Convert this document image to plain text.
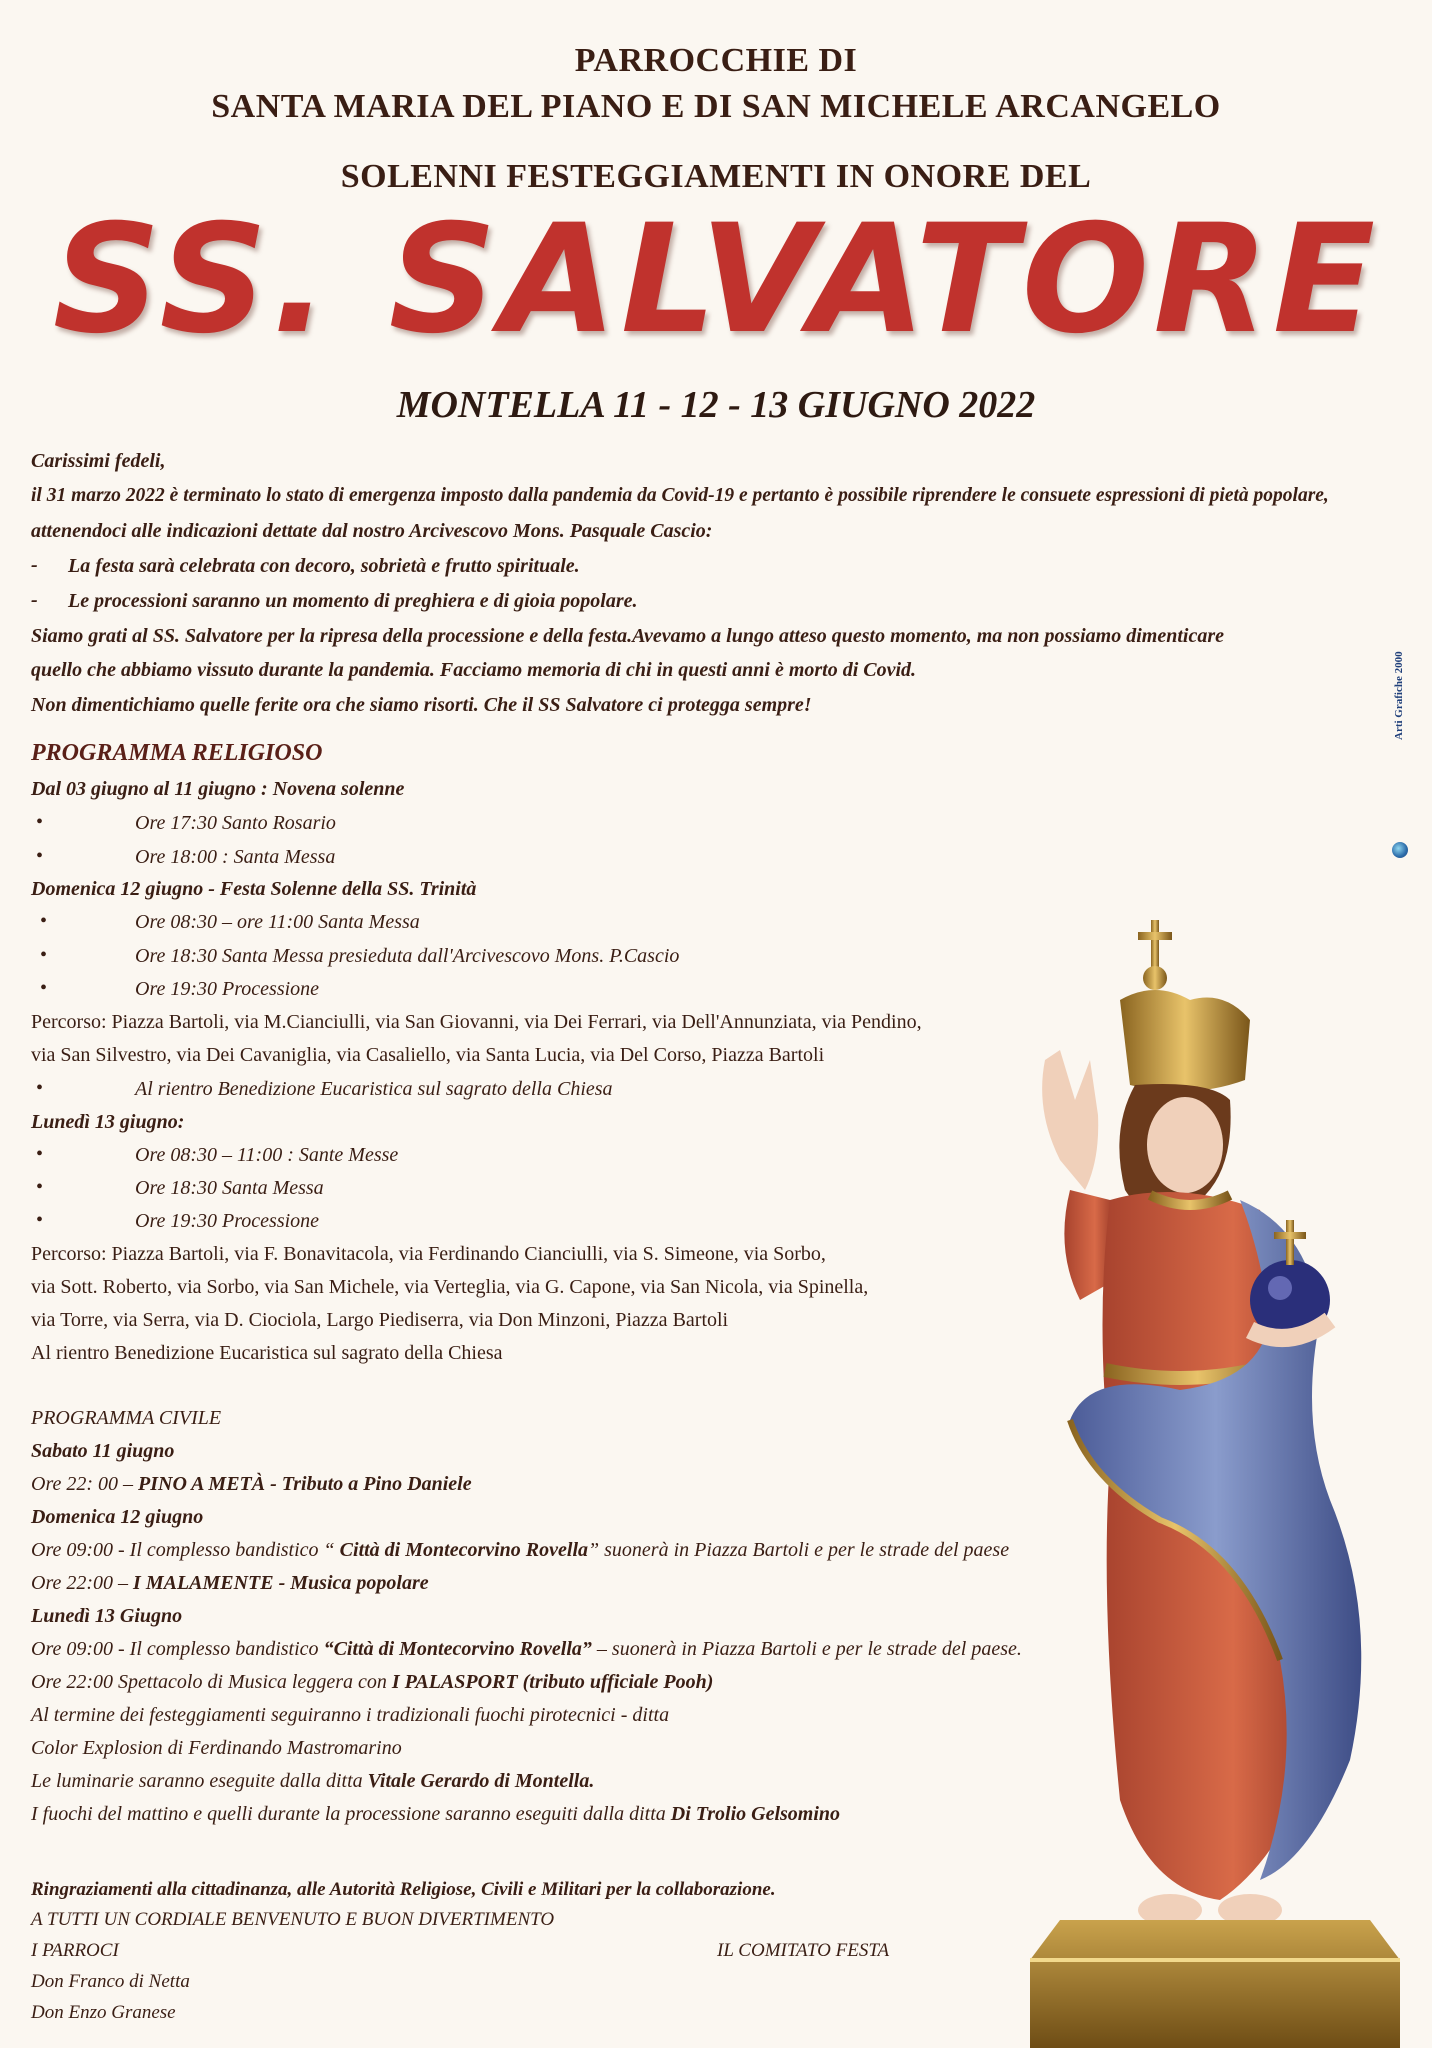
PARROCCHIE DI
SANTA MARIA DEL PIANO E DI SAN MICHELE ARCANGELO
SOLENNI FESTEGGIAMENTI IN ONORE DEL
SS. SALVATORE
MONTELLA 11 - 12 - 13 GIUGNO 2022
Carissimi fedeli,
il 31 marzo 2022 è terminato lo stato di emergenza imposto dalla pandemia da Covid-19 e pertanto è possibile riprendere le consuete espressioni di pietà popolare,
attenendoci alle indicazioni dettate dal nostro Arcivescovo Mons. Pasquale Cascio:
- La festa sarà celebrata con decoro, sobrietà e frutto spirituale.
- Le processioni saranno un momento di preghiera e di gioia popolare.
Siamo grati al SS. Salvatore per la ripresa della processione e della festa.Avevamo a lungo atteso questo momento, ma non possiamo dimenticare
quello che abbiamo vissuto durante la pandemia. Facciamo memoria di chi in questi anni è morto di Covid.
Non dimentichiamo quelle ferite ora che siamo risorti. Che il SS Salvatore ci protegga sempre!
PROGRAMMA RELIGIOSO
Dal 03 giugno al 11 giugno : Novena solenne
•	Ore 17:30 Santo Rosario
•	Ore 18:00 : Santa Messa
Domenica 12 giugno - Festa Solenne della SS. Trinità
•	Ore 08:30 – ore 11:00 Santa Messa
•	Ore 18:30 Santa Messa presieduta dall'Arcivescovo Mons. P.Cascio
•	Ore 19:30 Processione
Percorso: Piazza Bartoli, via M.Cianciulli, via San Giovanni, via Dei Ferrari, via Dell'Annunziata, via Pendino,
via San Silvestro, via Dei Cavaniglia, via Casaliello, via Santa Lucia, via Del Corso, Piazza Bartoli
•	Al rientro Benedizione Eucaristica sul sagrato della Chiesa
Lunedì 13 giugno:
•	Ore 08:30 – 11:00 : Sante Messe
•	Ore 18:30 Santa Messa
•	Ore 19:30 Processione
Percorso: Piazza Bartoli, via F. Bonavitacola, via Ferdinando Cianciulli, via S. Simeone, via Sorbo,
via Sott. Roberto, via Sorbo, via San Michele, via Verteglia, via G. Capone, via San Nicola, via Spinella,
via Torre, via Serra, via D. Ciociola, Largo Piediserra, via Don Minzoni, Piazza Bartoli
Al rientro Benedizione Eucaristica sul sagrato della Chiesa
PROGRAMMA CIVILE
Sabato 11 giugno
Ore 22: 00 – PINO A METÀ - Tributo a Pino Daniele
Domenica 12 giugno
Ore 09:00 - Il complesso bandistico “ Città di Montecorvino Rovella” suonerà in Piazza Bartoli e per le strade del paese
Ore 22:00 – I MALAMENTE - Musica popolare
Lunedì 13 Giugno
Ore 09:00 - Il complesso bandistico “Città di Montecorvino Rovella” – suonerà in Piazza Bartoli e per le strade del paese.
Ore 22:00 Spettacolo di Musica leggera con I PALASPORT (tributo ufficiale Pooh)
Al termine dei festeggiamenti seguiranno i tradizionali fuochi pirotecnici - ditta
Color Explosion di Ferdinando Mastromarino
Le luminarie saranno eseguite dalla ditta Vitale Gerardo di Montella.
I fuochi del mattino e quelli durante la processione saranno eseguiti dalla ditta Di Trolio Gelsomino
Ringraziamenti alla cittadinanza, alle Autorità Religiose, Civili e Militari per la collaborazione.
A TUTTI UN CORDIALE BENVENUTO E BUON DIVERTIMENTO
I PARROCI	IL COMITATO FESTA
Don Franco di Netta
Don Enzo Granese
Arti Grafiche 2000
